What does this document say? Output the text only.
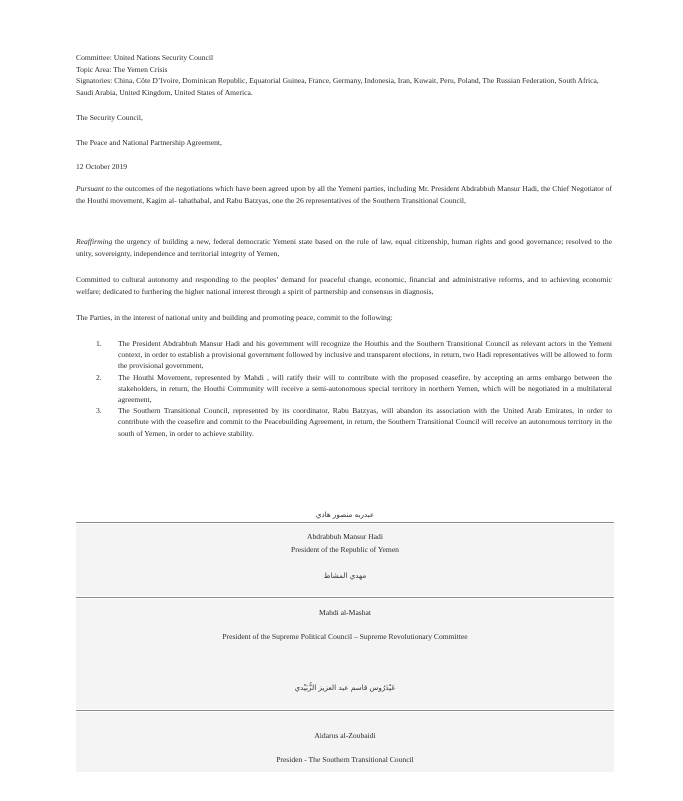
Committee: United Nations Security Council
Topic Area: The Yemen Crisis
Signatories: China, Côte D’Ivoire, Dominican Republic, Equatorial Guinea, France, Germany, Indonesia, Iran, Kuwait, Peru, Poland, The Russian Federation, South Africa, Saudi Arabia, United Kingdom, United States of America.
The Security Council,
The Peace and National Partnership Agreement,
12 October 2019
Pursuant to the outcomes of the negotiations which have been agreed upon by all the Yemeni parties, including Mr. President Abdrabbuh Mansur Hadi, the Chief Negotiator of the Houthi movement, Kagim al- tahathabal, and Rabu Batzyas, one the 26 representatives of the Southern Transitional Council,
Reaffirming the urgency of building a new, federal democratic Yemeni state based on the rule of law, equal citizenship, human rights and good governance; resolved to the unity, sovereignty, independence and territorial integrity of Yemen,
Committed to cultural autonomy and responding to the peoples’ demand for peaceful change, economic, financial and administrative reforms, and to achieving economic welfare; dedicated to furthering the higher national interest through a spirit of partnership and consensus in diagnosis,
The Parties, in the interest of national unity and building and promoting peace, commit to the following:
1.	The President Abdrabbuh Mansur Hadi and his government will recognize the Houthis and the Southern Transitional Council as relevant actors in the Yemeni context, in order to establish a provisional government followed by inclusive and transparent elections, in return, two Hadi representatives will be allowed to form the provisional government,
2.	The Houthi Movement, represented by Mahdi , will ratify their will to contribute with the proposed ceasefire, by accepting an arms embargo between the stakeholders, in return, the Houthi Community will receive a semi-autonomous special territory in northern Yemen, which will be negotiated in a multilateral agreement,
3.	The Southern Transitional Council, represented by its coordinator, Rabu Batzyas, will abandon its association with the United Arab Emirates, in order to contribute with the ceasefire and commit to the Peacebuilding Agreement, in return, the Southern Transitional Council will receive an autonomous territory in the south of Yemen, in order to achieve stability.
عبدربه منصور هادي
Abdrabbuh Mansur Hadi
President of the Republic of Yemen
مهدي المشاط
Mahdi al-Mashat
President of the Supreme Political Council – Supreme Revolutionary Committee
عَيْدَرُوس قاسم عبد العزيز الزُّبَيْدي
Aidarus al-Zoubaidi
Presiden - The Southern Transitional Council
